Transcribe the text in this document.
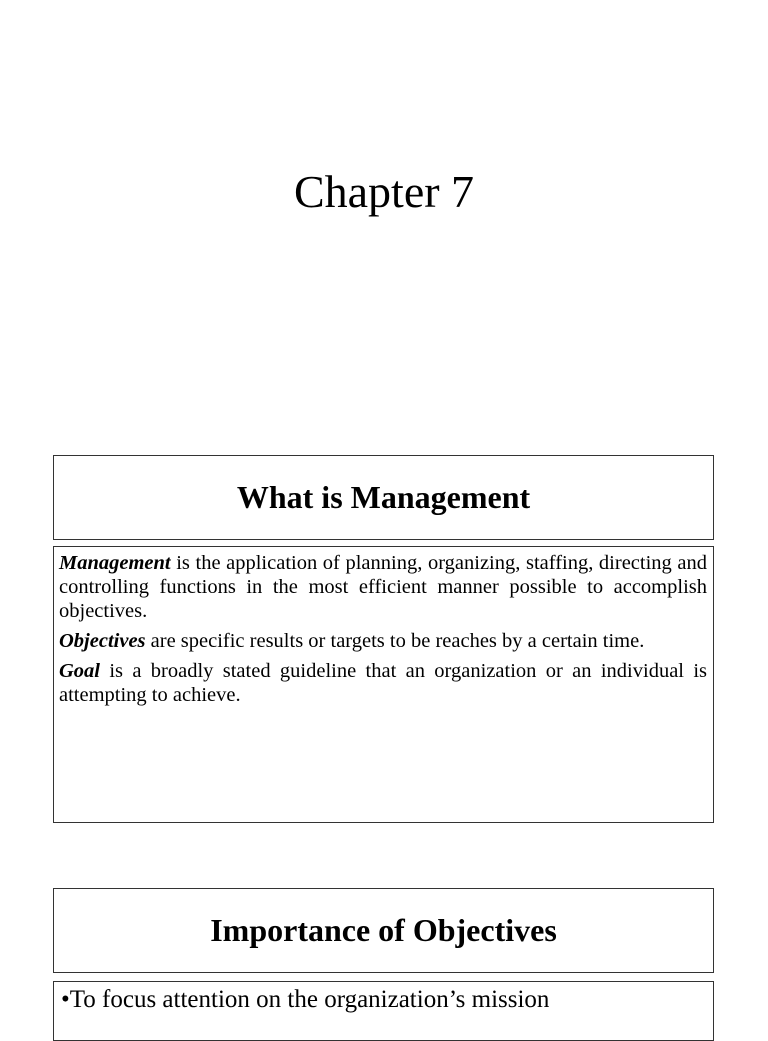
Chapter 7
What is Management

Management is the application of planning, organizing, staffing, directing and controlling functions in the most efficient manner possible to accomplish objectives.

Objectives are specific results or targets to be reaches by a certain time.

Goal is a broadly stated guideline that an organization or an individual is attempting to achieve.

Importance of Objectives

•To focus attention on the organization’s mission
